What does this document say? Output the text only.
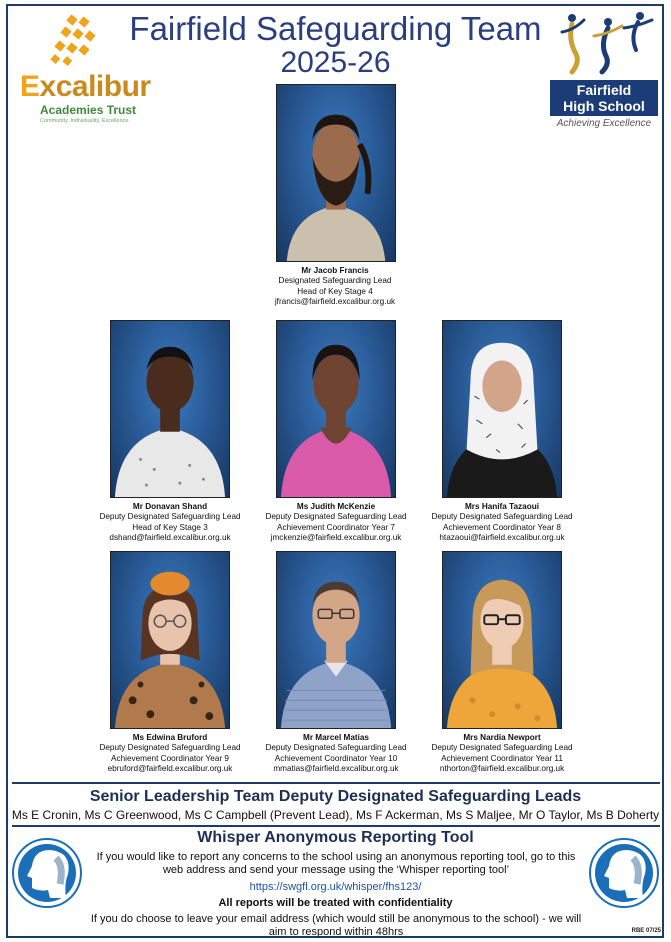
Excalibur
Academies Trust
Community. Individuality. Excellence.
Fairfield Safeguarding Team
2025-26
Fairfield
High School
Achieving Excellence
Mr Jacob Francis
Designated Safeguarding Lead
Head of Key Stage 4
jfrancis@fairfield.excalibur.org.uk
Mr Donavan Shand
Deputy Designated Safeguarding Lead
Head of Key Stage 3
dshand@fairfield.excalibur.org.uk
Ms Judith McKenzie
Deputy Designated Safeguarding Lead
Achievement Coordinator Year 7
jmckenzie@fairfield.excalibur.org.uk
Mrs Hanifa Tazaoui
Deputy Designated Safeguarding Lead
Achievement Coordinator Year 8
htazaoui@fairfield.excalibur.org.uk
Ms Edwina Bruford
Deputy Designated Safeguarding Lead
Achievement Coordinator Year 9
ebruford@fairfield.excalibur.org.uk
Mr Marcel Matias
Deputy Designated Safeguarding Lead
Achievement Coordinator Year 10
mmatias@fairfield.excalibur.org.uk
Mrs Nardia Newport
Deputy Designated Safeguarding Lead
Achievement Coordinator Year 11
nthorton@fairfield.excalibur.org.uk
Senior Leadership Team Deputy Designated Safeguarding Leads
Ms E Cronin, Ms C Greenwood, Ms C Campbell (Prevent Lead), Ms F Ackerman, Ms S Maljee, Mr O Taylor, Ms B Doherty
Whisper Anonymous Reporting Tool
If you would like to report any concerns to the school using an anonymous reporting tool, go to this web address and send your message using the ‘Whisper reporting tool’
https://swgfl.org.uk/whisper/fhs123/
All reports will be treated with confidentiality
If you do choose to leave your email address (which would still be anonymous to the school) - we will aim to respond within 48hrs	RBE 07/25
